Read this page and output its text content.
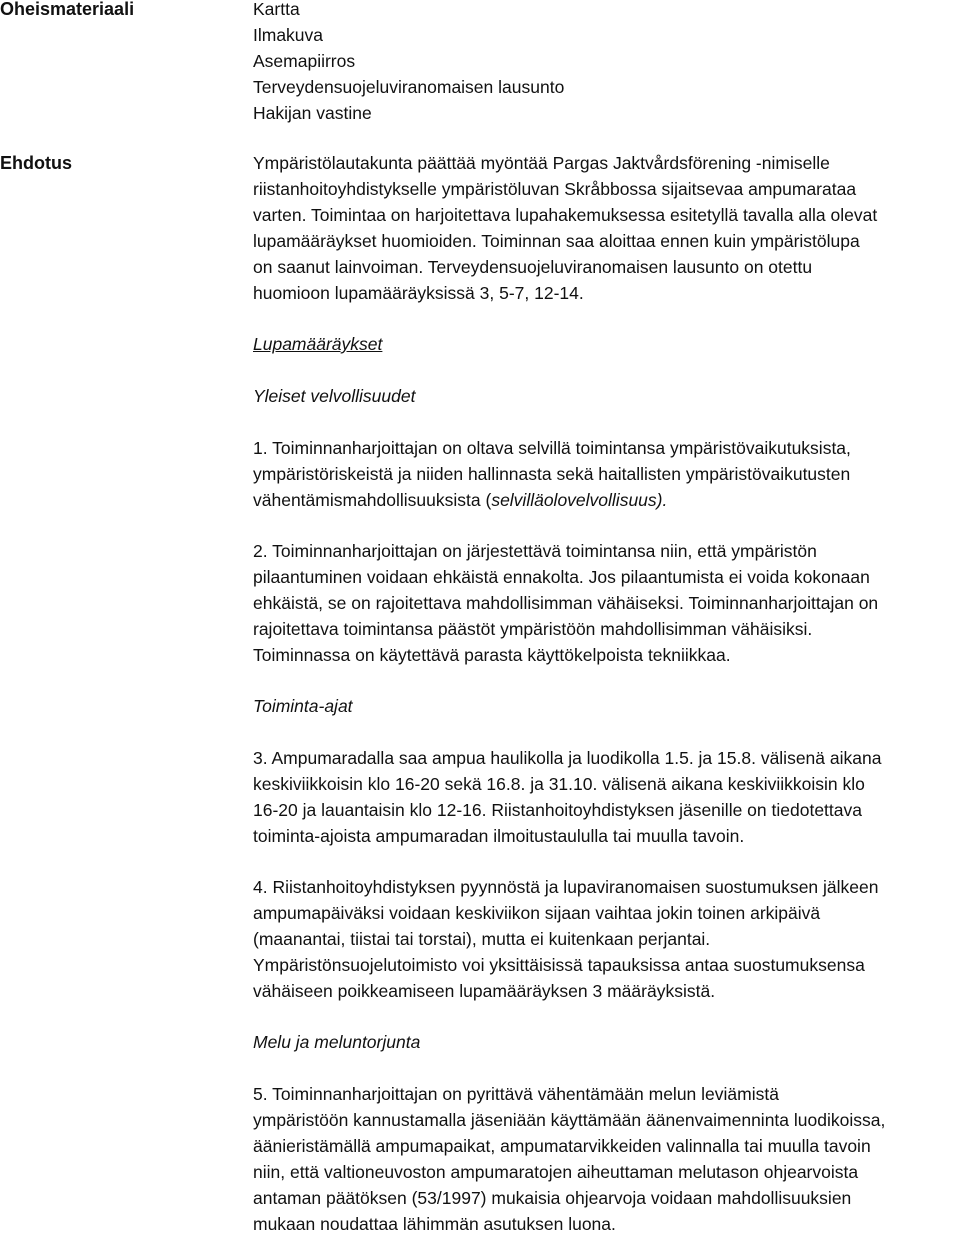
Oheismateriaali
Ehdotus
Kartta
Ilmakuva
Asemapiirros
Terveydensuojeluviranomaisen lausunto
Hakijan vastine
Ympäristölautakunta päättää myöntää Pargas Jaktvårdsförening -nimiselle
riistanhoitoyhdistykselle ympäristöluvan Skråbbossa sijaitsevaa ampumarataa
varten. Toimintaa on harjoitettava lupahakemuksessa esitetyllä tavalla alla olevat
lupamääräykset huomioiden. Toiminnan saa aloittaa ennen kuin ympäristölupa
on saanut lainvoiman. Terveydensuojeluviranomaisen lausunto on otettu
huomioon lupamääräyksissä 3, 5-7, 12-14.
Lupamääräykset
Yleiset velvollisuudet
1. Toiminnanharjoittajan on oltava selvillä toimintansa ympäristövaikutuksista,
ympäristöriskeistä ja niiden hallinnasta sekä haitallisten ympäristövaikutusten
vähentämismahdollisuuksista (selvilläolovelvollisuus).
2. Toiminnanharjoittajan on järjestettävä toimintansa niin, että ympäristön
pilaantuminen voidaan ehkäistä ennakolta. Jos pilaantumista ei voida kokonaan
ehkäistä, se on rajoitettava mahdollisimman vähäiseksi. Toiminnanharjoittajan on
rajoitettava toimintansa päästöt ympäristöön mahdollisimman vähäisiksi.
Toiminnassa on käytettävä parasta käyttökelpoista tekniikkaa.
Toiminta-ajat
3. Ampumaradalla saa ampua haulikolla ja luodikolla 1.5. ja 15.8. välisenä aikana
keskiviikkoisin klo 16-20 sekä 16.8. ja 31.10. välisenä aikana keskiviikkoisin klo
16-20 ja lauantaisin klo 12-16. Riistanhoitoyhdistyksen jäsenille on tiedotettava
toiminta-ajoista ampumaradan ilmoitustaululla tai muulla tavoin.
4. Riistanhoitoyhdistyksen pyynnöstä ja lupaviranomaisen suostumuksen jälkeen
ampumapäiväksi voidaan keskiviikon sijaan vaihtaa jokin toinen arkipäivä
(maanantai, tiistai tai torstai), mutta ei kuitenkaan perjantai.
Ympäristönsuojelutoimisto voi yksittäisissä tapauksissa antaa suostumuksensa
vähäiseen poikkeamiseen lupamääräyksen 3 määräyksistä.
Melu ja meluntorjunta
5. Toiminnanharjoittajan on pyrittävä vähentämään melun leviämistä
ympäristöön kannustamalla jäseniään käyttämään äänenvaimenninta luodikoissa,
äänieristämällä ampumapaikat, ampumatarvikkeiden valinnalla tai muulla tavoin
niin, että valtioneuvoston ampumaratojen aiheuttaman melutason ohjearvoista
antaman päätöksen (53/1997) mukaisia ohjearvoja voidaan mahdollisuuksien
mukaan noudattaa lähimmän asutuksen luona.
